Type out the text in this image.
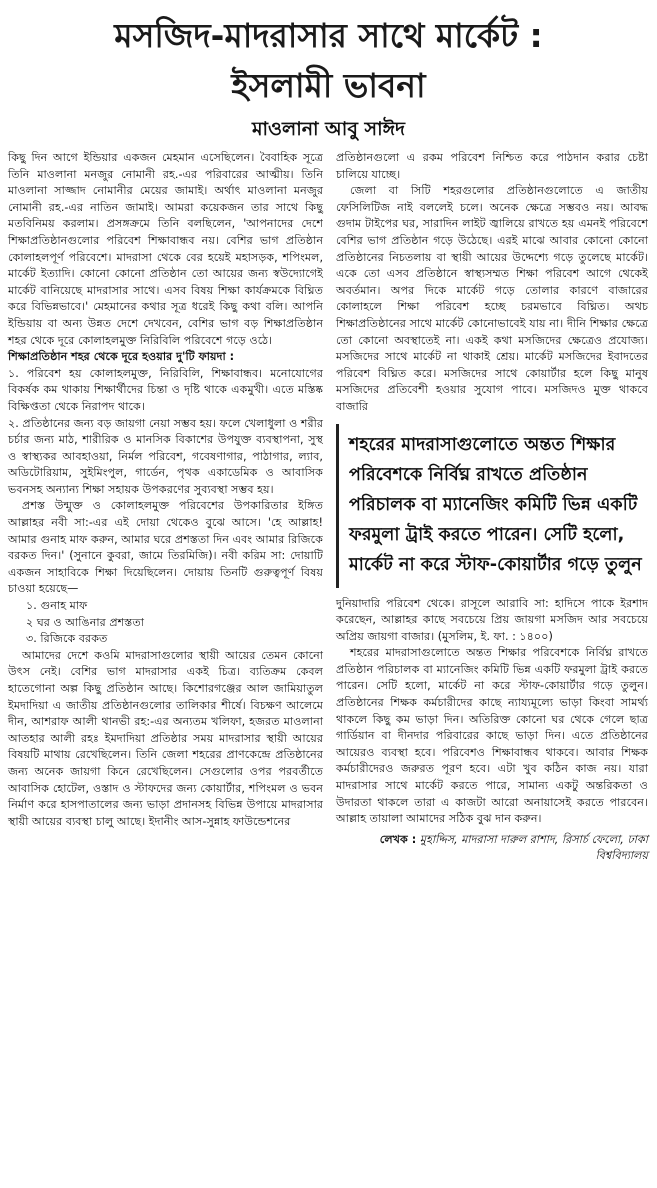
মসজিদ-মাদরাসার সাথে মার্কেট :
ইসলামী ভাবনা
মাওলানা আবু সাঈদ

কিছু দিন আগে ইন্ডিয়ার একজন মেহমান এসেছিলেন। বৈবাহিক সূত্রে তিনি মাওলানা মনজুর নোমানী রহ.-এর পরিবারের আত্মীয়। তিনি মাওলানা সাজ্জাদ নোমানীর মেয়ের জামাই। অর্থাৎ মাওলানা মনজুর নোমানী রহ.-এর নাতিন জামাই। আমরা কয়েকজন তার সাথে কিছু মতবিনিময় করলাম। প্রসঙ্গক্রমে তিনি বলছিলেন, 'আপনাদের দেশে শিক্ষাপ্রতিষ্ঠানগুলোর পরিবেশ শিক্ষাবান্ধব নয়। বেশির ভাগ প্রতিষ্ঠান কোলাহলপূর্ণ পরিবেশে। মাদরাসা থেকে বের হয়েই মহাসড়ক, শপিংমল, মার্কেট ইত্যাদি। কোনো কোনো প্রতিষ্ঠান তো আয়ের জন্য স্বউদ্যোগেই মার্কেট বানিয়েছে মাদরাসার সাথে। এসব বিষয় শিক্ষা কার্যক্রমকে বিঘ্নিত করে বিভিন্নভাবে।' মেহমানের কথার সূত্র ধরেই কিছু কথা বলি। আপনি ইন্ডিয়ায় বা অন্য উন্নত দেশে দেখবেন, বেশির ভাগ বড় শিক্ষাপ্রতিষ্ঠান শহর থেকে দূরে কোলাহলমুক্ত নিরিবিলি পরিবেশে গড়ে ওঠে।

শিক্ষাপ্রতিষ্ঠান শহর থেকে দূরে হওয়ার দু'টি ফায়দা :

১. পরিবেশ হয় কোলাহলমুক্ত, নিরিবিলি, শিক্ষাবান্ধব। মনোযোগের বিকর্ষক কম থাকায় শিক্ষার্থীদের চিন্তা ও দৃষ্টি থাকে একমুখী। এতে মস্তিষ্ক বিক্ষিপ্ততা থেকে নিরাপদ থাকে।

২. প্রতিষ্ঠানের জন্য বড় জায়গা নেয়া সম্ভব হয়। ফলে খেলাধুলা ও শরীর চর্চার জন্য মাঠ, শারীরিক ও মানসিক বিকাশের উপযুক্ত ব্যবস্থাপনা, সুস্থ ও স্বাস্থ্যকর আবহাওয়া, নির্মল পরিবেশ, গবেষণাগার, পাঠাগার, ল্যাব, অডিটোরিয়াম, সুইমিংপুল, গার্ডেন, পৃথক একাডেমিক ও আবাসিক ভবনসহ অন্যান্য শিক্ষা সহায়ক উপকরণের সুব্যবস্থা সম্ভব হয়।

প্রশস্ত উন্মুক্ত ও কোলাহলমুক্ত পরিবেশের উপকারিতার ইঙ্গিত আল্লাহর নবী সা:-এর এই দোয়া থেকেও বুঝে আসে। 'হে আল্লাহ! আমার গুনাহ মাফ করুন, আমার ঘরে প্রশস্ততা দিন এবং আমার রিজিকে বরকত দিন।' (সুনানে কুবরা, জামে তিরমিজি)। নবী করিম সা: দোয়াটি একজন সাহাবিকে শিক্ষা দিয়েছিলেন। দোয়ায় তিনটি গুরুত্বপূর্ণ বিষয় চাওয়া হয়েছে—

১. গুনাহ মাফ

২ ঘর ও আঙিনার প্রশস্ততা

৩. রিজিকে বরকত

আমাদের দেশে কওমি মাদরাসাগুলোর স্থায়ী আয়ের তেমন কোনো উৎস নেই। বেশির ভাগ মাদরাসার একই চিত্র। ব্যতিক্রম কেবল হাতেগোনা অল্প কিছু প্রতিষ্ঠান আছে। কিশোরগঞ্জের আল জামিয়াতুল ইমদাদিয়া এ জাতীয় প্রতিষ্ঠানগুলোর তালিকার শীর্ষে। বিচক্ষণ আলেমে দীন, আশরাফ আলী থানভী রহ:-এর অন্যতম খলিফা, হজরত মাওলানা আতহার আলী রহঃ ইমদাদিয়া প্রতিষ্ঠার সময় মাদরাসার স্থায়ী আয়ের বিষয়টি মাথায় রেখেছিলেন। তিনি জেলা শহরের প্রাণকেন্দ্রে প্রতিষ্ঠানের জন্য অনেক জায়গা কিনে রেখেছিলেন। সেগুলোর ওপর পরবর্তীতে আবাসিক হোটেল, ওস্তাদ ও স্টাফদের জন্য কোয়ার্টার, শপিংমল ও ভবন নির্মাণ করে হাসপাতালের জন্য ভাড়া প্রদানসহ বিভিন্ন উপায়ে মাদরাসার স্থায়ী আয়ের ব্যবস্থা চালু আছে। ইদানীং আস-সুন্নাহ ফাউন্ডেশনের

প্রতিষ্ঠানগুলো এ রকম পরিবেশ নিশ্চিত করে পাঠদান করার চেষ্টা চালিয়ে যাচ্ছে।

জেলা বা সিটি শহরগুলোর প্রতিষ্ঠানগুলোতে এ জাতীয় ফেসিলিটিজ নাই বললেই চলে। অনেক ক্ষেত্রে সম্ভবও নয়। আবদ্ধ গুদাম টাইপের ঘর, সারাদিন লাইট জ্বালিয়ে রাখতে হয় এমনই পরিবেশে বেশির ভাগ প্রতিষ্ঠান গড়ে উঠেছে। এরই মাঝে আবার কোনো কোনো প্রতিষ্ঠানের নিচতলায় বা স্থায়ী আয়ের উদ্দেশ্যে গড়ে তুলেছে মার্কেট। একে তো এসব প্রতিষ্ঠানে স্বাস্থ্যসম্মত শিক্ষা পরিবেশ আগে থেকেই অবর্তমান। অপর দিকে মার্কেট গড়ে তোলার কারণে বাজারের কোলাহলে শিক্ষা পরিবেশ হচ্ছে চরমভাবে বিঘ্নিত। অথচ শিক্ষাপ্রতিষ্ঠানের সাথে মার্কেট কোনোভাবেই যায় না। দীনি শিক্ষার ক্ষেত্রে তো কোনো অবস্থাতেই না। একই কথা মসজিদের ক্ষেত্রেও প্রযোজ্য। মসজিদের সাথে মার্কেট না থাকাই শ্রেয়। মার্কেট মসজিদের ইবাদতের পরিবেশ বিঘ্নিত করে। মসজিদের সাথে কোয়ার্টার হলে কিছু মানুষ মসজিদের প্রতিবেশী হওয়ার সুযোগ পাবে। মসজিদও মুক্ত থাকবে বাজারি

শহরের মাদরাসাগুলোতে অন্তত শিক্ষার পরিবেশকে নির্বিঘ্ন রাখতে প্রতিষ্ঠান পরিচালক বা ম্যানেজিং কমিটি ভিন্ন একটি ফরমুলা ট্রাই করতে পারেন। সেটি হলো, মার্কেট না করে স্টাফ-কোয়ার্টার গড়ে তুলুন

দুনিয়াদারি পরিবেশ থেকে। রাসূলে আরাবি সা: হাদিসে পাকে ইরশাদ করেছেন, আল্লাহর কাছে সবচেয়ে প্রিয় জায়গা মসজিদ আর সবচেয়ে অপ্রিয় জায়গা বাজার। (মুসলিম, ই. ফা. : ১৪০০)

শহরের মাদরাসাগুলোতে অন্তত শিক্ষার পরিবেশকে নির্বিঘ্ন রাখতে প্রতিষ্ঠান পরিচালক বা ম্যানেজিং কমিটি ভিন্ন একটি ফরমুলা ট্রাই করতে পারেন। সেটি হলো, মার্কেট না করে স্টাফ-কোয়ার্টার গড়ে তুলুন। প্রতিষ্ঠানের শিক্ষক কর্মচারীদের কাছে ন্যায্যমূল্যে ভাড়া কিংবা সামর্থ্য থাকলে কিছু কম ভাড়া দিন। অতিরিক্ত কোনো ঘর থেকে গেলে ছাত্র গার্ডিয়ান বা দীনদার পরিবারের কাছে ভাড়া দিন। এতে প্রতিষ্ঠানের আয়েরও ব্যবস্থা হবে। পরিবেশও শিক্ষাবান্ধব থাকবে। আবার শিক্ষক কর্মচারীদেরও জরুরত পূরণ হবে। এটা খুব কঠিন কাজ নয়। যারা মাদরাসার সাথে মার্কেট করতে পারে, সামান্য একটু অন্তরিকতা ও উদারতা থাকলে তারা এ কাজটা আরো অনায়াসেই করতে পারবেন। আল্লাহ তায়ালা আমাদের সঠিক বুঝ দান করুন।

লেখক : মুহাদ্দিস, মাদরাসা দারুল রাশাদ, রিসার্চ ফেলো, ঢাকা বিশ্ববিদ্যালয়
